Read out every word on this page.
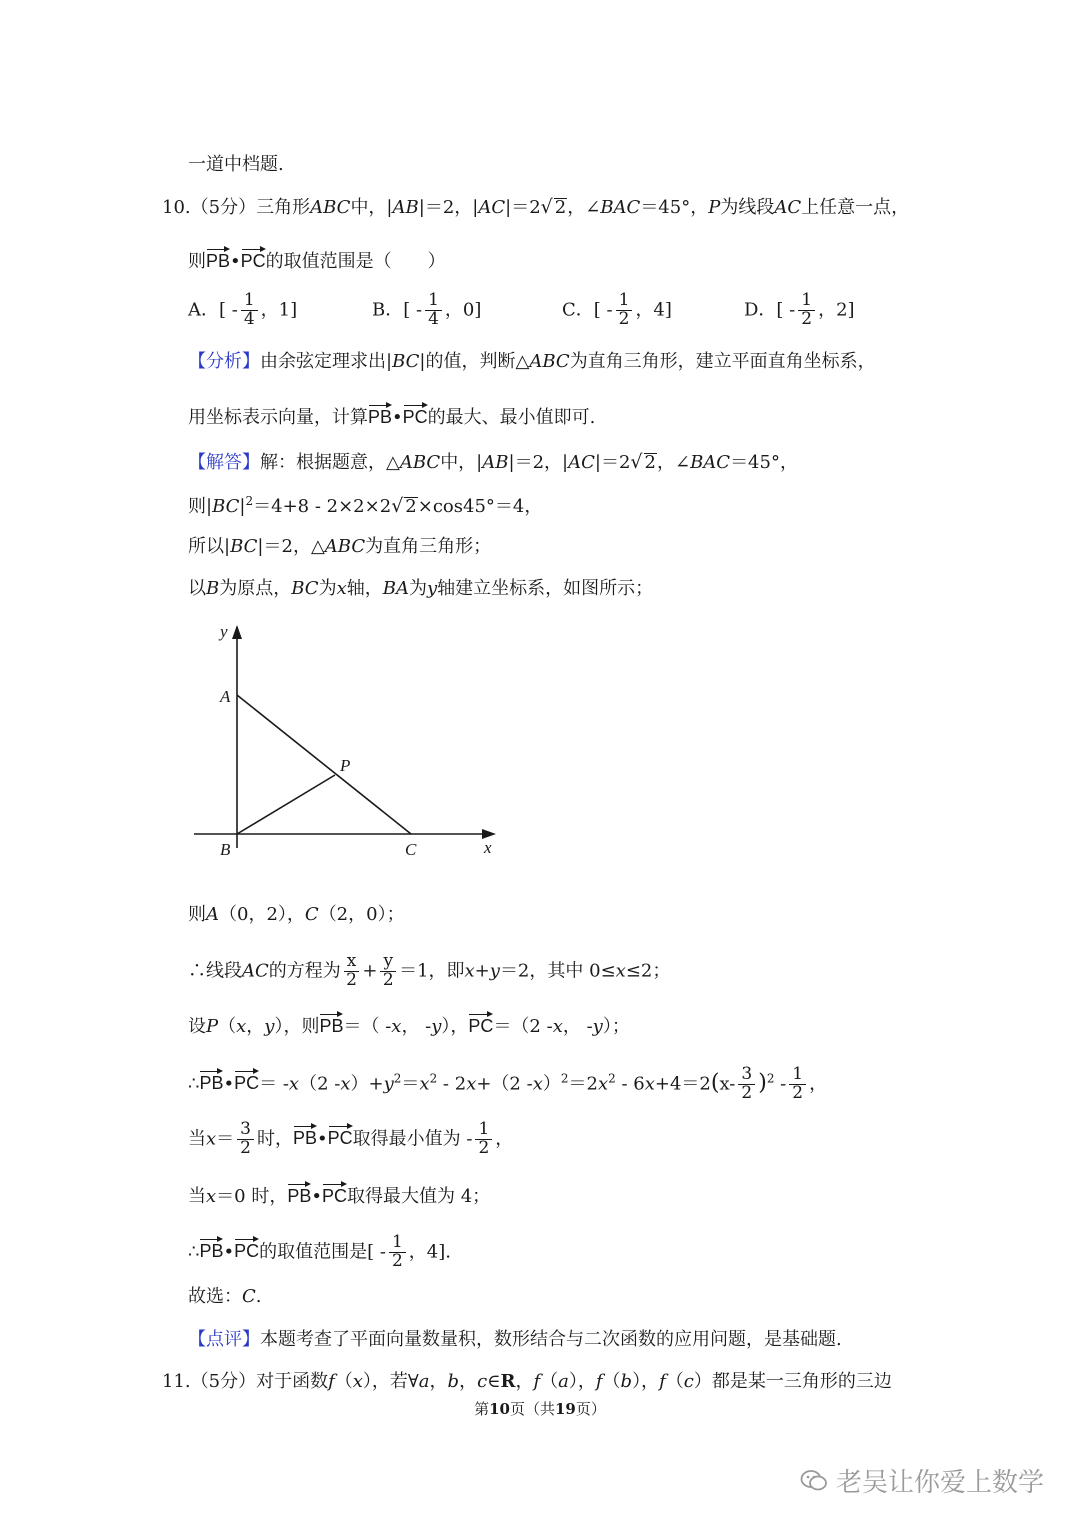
一道中档题.
10.（5分）三角形ABC中，|AB|＝2，|AC|＝2√ 2，∠BAC＝45°，P为线段AC上任意一点，
则PB•PC的取值范围是（　　）
A．[ - $\frac{1}{4}$ ，1]	B．[ - $\frac{1}{4}$ ，0]	C．[ - $\frac{1}{2}$ ，4]	D．[ - $\frac{1}{2}$ ，2]
【分析】由余弦定理求出|BC|的值，判断△ABC为直角三角形，建立平面直角坐标系，
用坐标表示向量，计算PB•PC的最大、最小值即可.
【解答】解：根据题意，△ABC中，|AB|＝2，|AC|＝2√ 2，∠BAC＝45°，
则$|BC|^2=4+8 - 2\times 2\times 2√$ 2×cos45°＝4，
所以|BC|＝2，△ABC为直角三角形；
以B为原点，BC为x轴，BA为y轴建立坐标系，如图所示；
y
x
A
B	C
P
则A（0，2），C（2，0）；
∴线段AC的方程为 $\frac{x}{2} + \frac{y}{2} =1$，即x+y＝2，其中 0≤x≤2；
设P（x，y），则PB＝（ -x， -y），PC＝（2 -x， -y）；
∴PB•PC＝ -x（2 $-x)+y^2=x^2 - 2x+(2$ $-x)^2=2x^2 - 6x+4=2(x- \frac{3}{2} )^2 - \frac{1}{2}$ ，
当$x= \frac{3}{2}$ 时，PB•PC取得最小值为 - $\frac{1}{2}$ ，
当x＝0 时，PB•PC取得最大值为 4；
∴PB•PC的取值范围是[ - $\frac{1}{2}$ ，4].
故选：C.
【点评】本题考查了平面向量数量积，数形结合与二次函数的应用问题，是基础题.
11.（5分）对于函数f（x），若∀a，b，c∈R，f（a），f（b），f（c）都是某一三角形的三边
第10页（共19页）
老吴让你爱上数学
